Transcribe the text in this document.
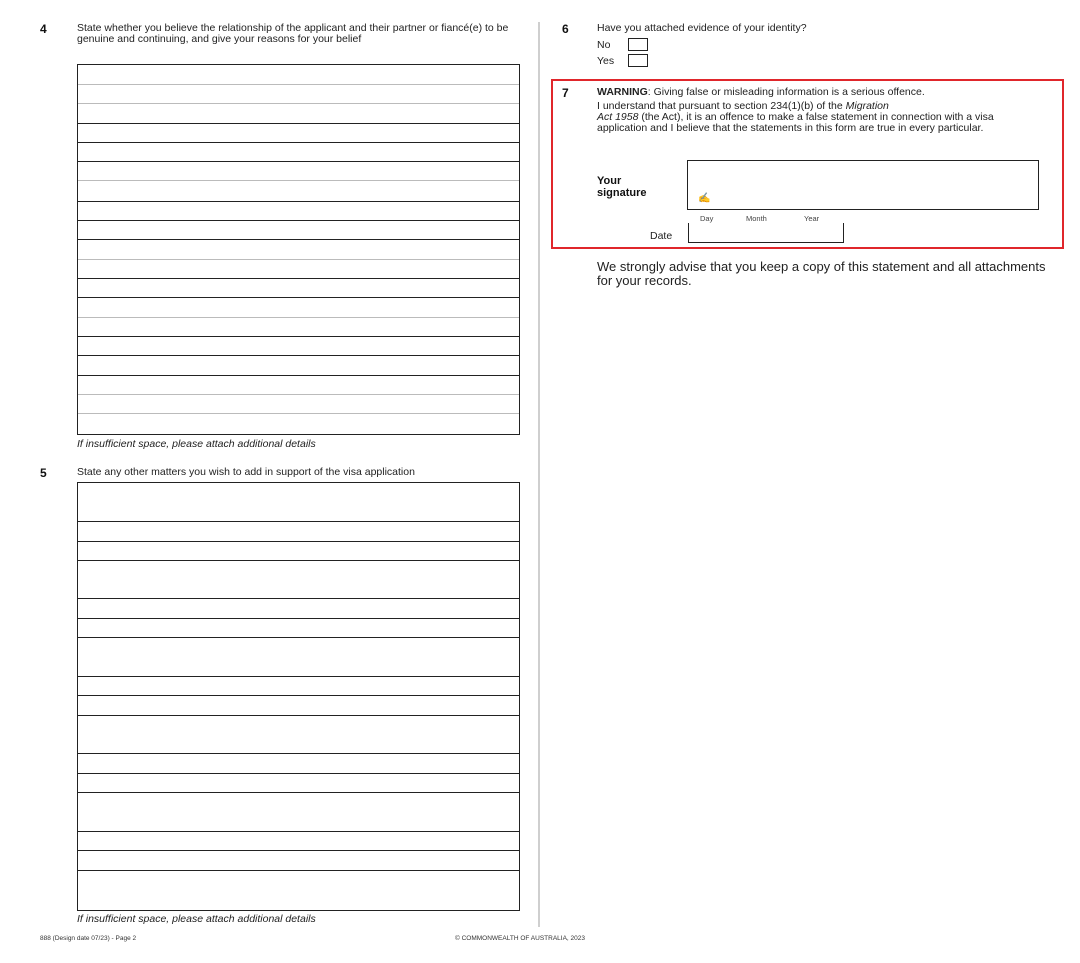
4	State whether you believe the relationship of the applicant and their partner or fiancé(e) to be genuine and continuing, and give your reasons for your belief
If insufficient space, please attach additional details
5	State any other matters you wish to add in support of the visa application
If insufficient space, please attach additional details
6	Have you attached evidence of your identity?
No
Yes
7	WARNING: Giving false or misleading information is a serious offence.
I understand that pursuant to section 234(1)(b) of the Migration
Act 1958 (the Act), it is an offence to make a false statement in connection with a visa application and I believe that the statements in this form are true in every particular.
Your
signature	✍
Day	Month	Year
Date
We strongly advise that you keep a copy of this statement and all attachments for your records.
888 (Design date 07/23) - Page 2	© COMMONWEALTH OF AUSTRALIA, 2023
